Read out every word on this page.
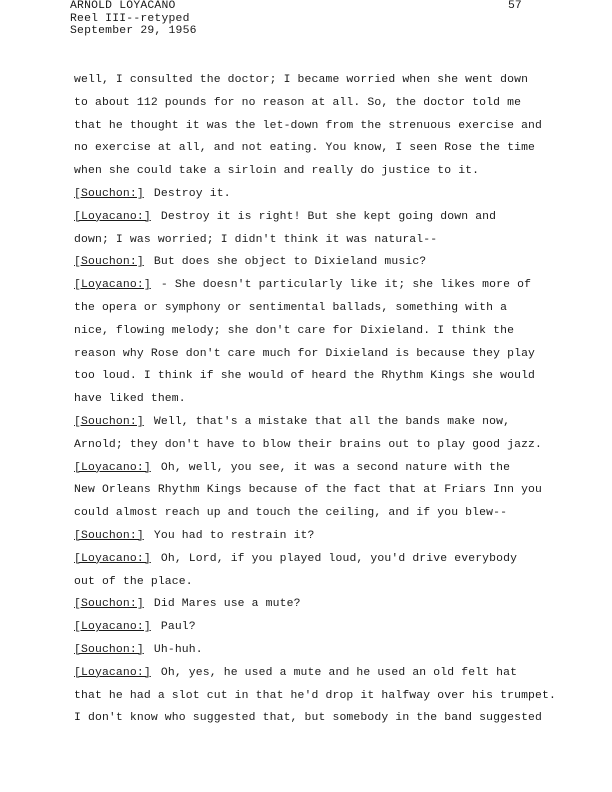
ARNOLD LOYACANO
Reel III--retyped
September 29, 1956
57
well, I consulted the doctor; I became worried when she went down
to about 112 pounds for no reason at all. So, the doctor told me
that he thought it was the let-down from the strenuous exercise and
no exercise at all, and not eating. You know, I seen Rose the time
when she could take a sirloin and really do justice to it.
[Souchon:] Destroy it.
[Loyacano:] Destroy it is right! But she kept going down and
down; I was worried; I didn't think it was natural--
[Souchon:] But does she object to Dixieland music?
[Loyacano:] - She doesn't particularly like it; she likes more of
the opera or symphony or sentimental ballads, something with a
nice, flowing melody; she don't care for Dixieland. I think the
reason why Rose don't care much for Dixieland is because they play
too loud. I think if she would of heard the Rhythm Kings she would
have liked them.
[Souchon:] Well, that's a mistake that all the bands make now,
Arnold; they don't have to blow their brains out to play good jazz.
[Loyacano:] Oh, well, you see, it was a second nature with the
New Orleans Rhythm Kings because of the fact that at Friars Inn you
could almost reach up and touch the ceiling, and if you blew--
[Souchon:] You had to restrain it?
[Loyacano:] Oh, Lord, if you played loud, you'd drive everybody
out of the place.
[Souchon:] Did Mares use a mute?
[Loyacano:] Paul?
[Souchon:] Uh-huh.
[Loyacano:] Oh, yes, he used a mute and he used an old felt hat
that he had a slot cut in that he'd drop it halfway over his trumpet.
I don't know who suggested that, but somebody in the band suggested
